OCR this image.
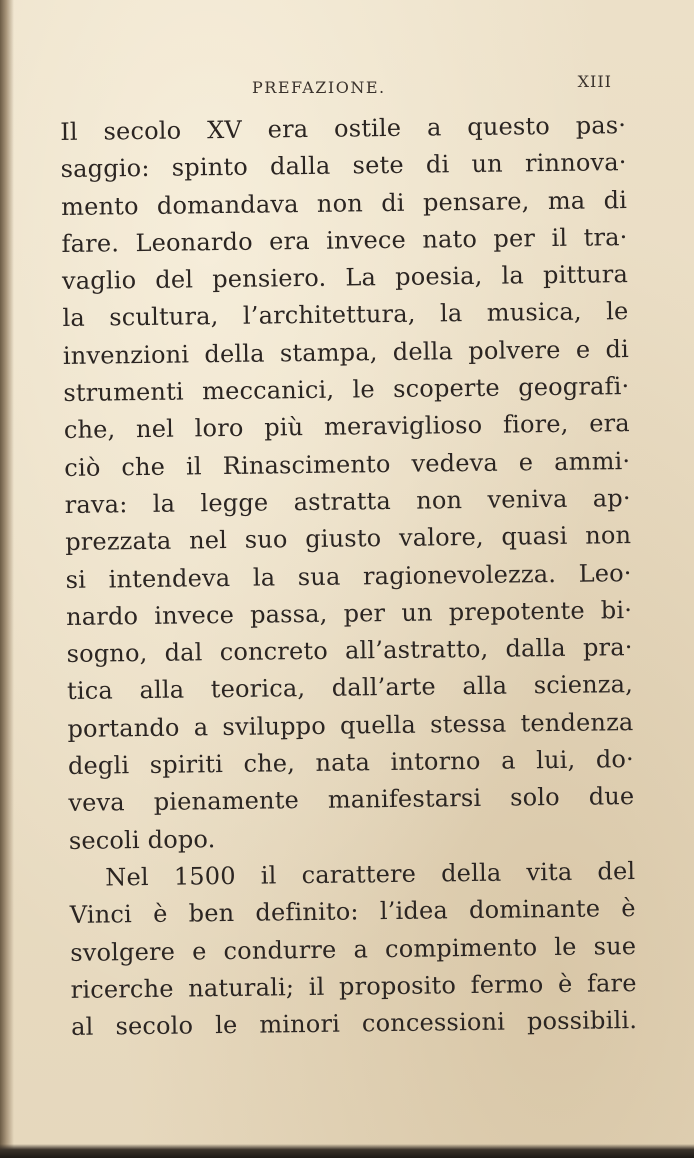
PREFAZIONE.	XIII
Il secolo XV era ostile a questo pas·
saggio: spinto dalla sete di un rinnova·
mento domandava non di pensare, ma di
fare. Leonardo era invece nato per il tra·
vaglio del pensiero. La poesia, la pittura
la scultura, l’architettura, la musica, le
invenzioni della stampa, della polvere e di
strumenti meccanici, le scoperte geografi·
che, nel loro più meraviglioso fiore, era
ciò che il Rinascimento vedeva e ammi·
rava: la legge astratta non veniva ap·
prezzata nel suo giusto valore, quasi non
si intendeva la sua ragionevolezza. Leo·
nardo invece passa, per un prepotente bi·
sogno, dal concreto all’astratto, dalla pra·
tica alla teorica, dall’arte alla scienza,
portando a sviluppo quella stessa tendenza
degli spiriti che, nata intorno a lui, do·
veva pienamente manifestarsi solo due
secoli dopo.
Nel 1500 il carattere della vita del
Vinci è ben definito: l’idea dominante è
svolgere e condurre a compimento le sue
ricerche naturali; il proposito fermo è fare
al secolo le minori concessioni possibili.
